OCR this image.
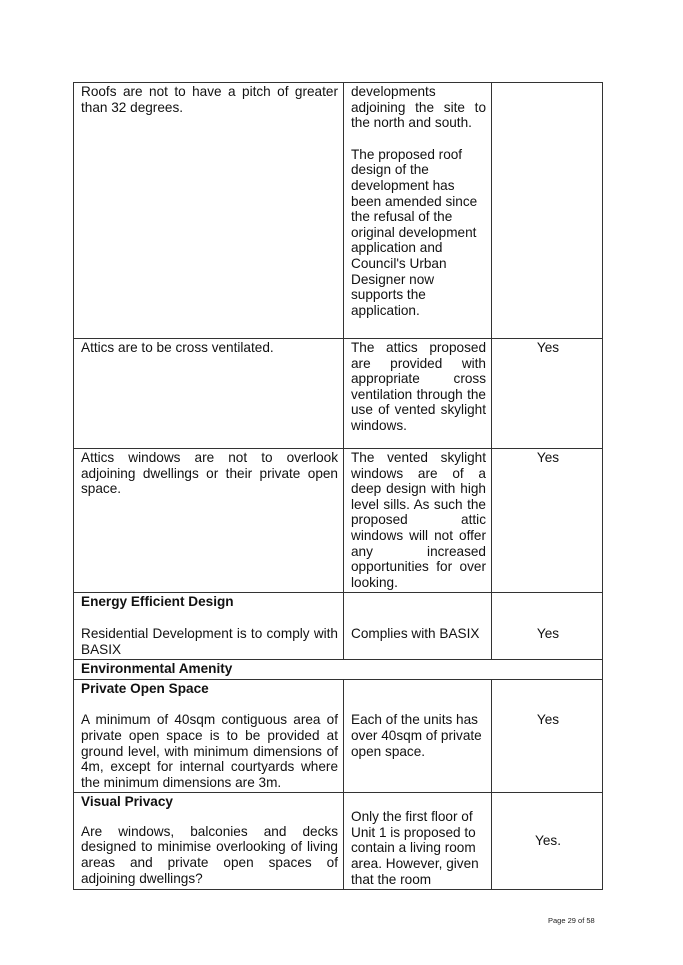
Roofs are not to have a pitch of greater than 32 degrees.	developments adjoining the site to the north and south.
The proposed roof design of the development has been amended since the refusal of the original development application and Council's Urban Designer now supports the application.	

Attics are to be cross ventilated.	The attics proposed are provided with appropriate cross ventilation through the use of vented skylight windows.	Yes
Attics windows are not to overlook adjoining dwellings or their private open space.	The vented skylight windows are of a deep design with high level sills. As such the proposed attic windows will not offer any increased opportunities for over looking.	Yes
Energy Efficient Design		
Residential Development is to comply with BASIX	Complies with BASIX	Yes
Environmental Amenity		
Private Open Space		
A minimum of 40sqm contiguous area of private open space is to be provided at ground level, with minimum dimensions of 4m, except for internal courtyards where the minimum dimensions are 3m.	Each of the units has over 40sqm of private open space.	Yes

Visual Privacy
Are windows, balconies and decks designed to minimise overlooking of living areas and private open spaces of adjoining dwellings?	Only the first floor of Unit 1 is proposed to contain a living room area. However, given that the room	Yes.
Page 29 of 58
